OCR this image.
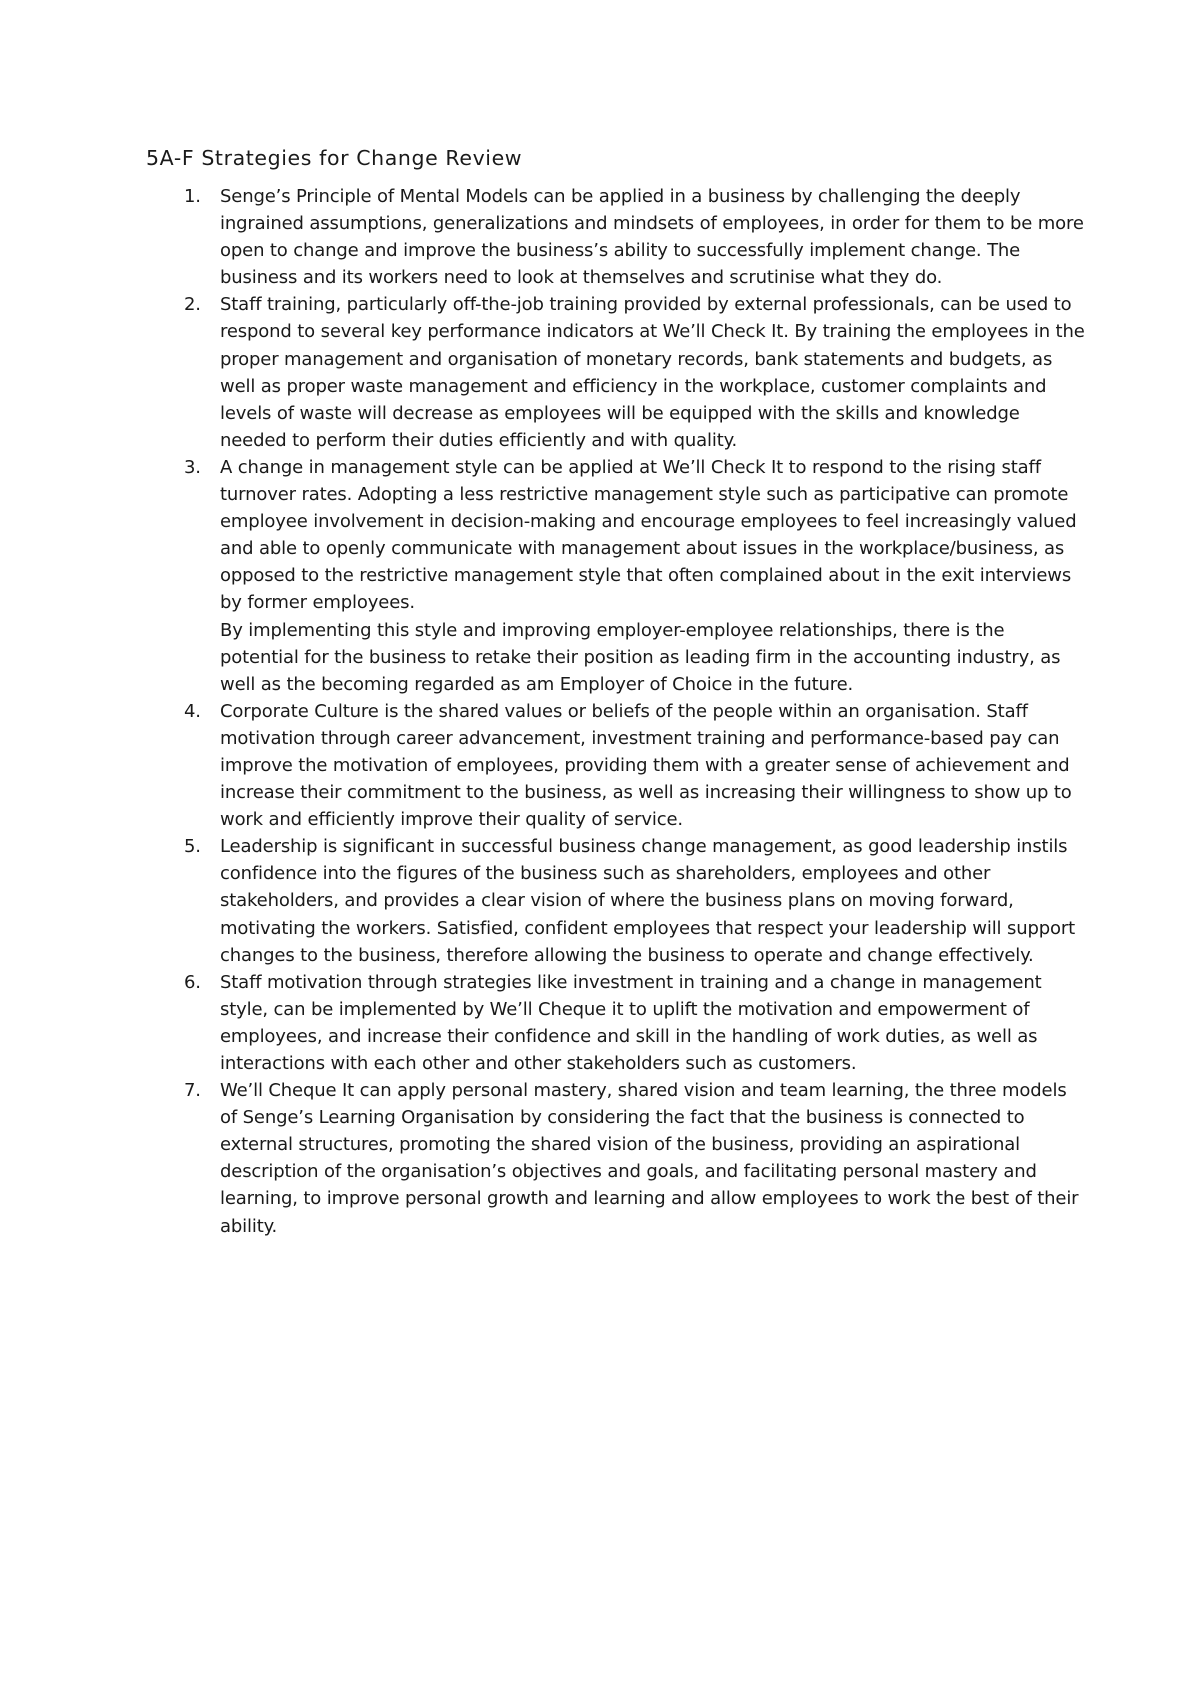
5A-F Strategies for Change Review
1.	Senge’s Principle of Mental Models can be applied in a business by challenging the deeply ingrained assumptions, generalizations and mindsets of employees, in order for them to be more open to change and improve the business’s ability to successfully implement change. The business and its workers need to look at themselves and scrutinise what they do.

2.	Staff training, particularly off-the-job training provided by external professionals, can be used to respond to several key performance indicators at We’ll Check It. By training the employees in the proper management and organisation of monetary records, bank statements and budgets, as well as proper waste management and efficiency in the workplace, customer complaints and levels of waste will decrease as employees will be equipped with the skills and knowledge needed to perform their duties efficiently and with quality.

3.	A change in management style can be applied at We’ll Check It to respond to the rising staff turnover rates. Adopting a less restrictive management style such as participative can promote employee involvement in decision-making and encourage employees to feel increasingly valued and able to openly communicate with management about issues in the workplace/business, as opposed to the restrictive management style that often complained about in the exit interviews by former employees.

By implementing this style and improving employer-employee relationships, there is the potential for the business to retake their position as leading firm in the accounting industry, as well as the becoming regarded as am Employer of Choice in the future.

4.	Corporate Culture is the shared values or beliefs of the people within an organisation. Staff motivation through career advancement, investment training and performance-based pay can improve the motivation of employees, providing them with a greater sense of achievement and increase their commitment to the business, as well as increasing their willingness to show up to work and efficiently improve their quality of service.

5.	Leadership is significant in successful business change management, as good leadership instils confidence into the figures of the business such as shareholders, employees and other stakeholders, and provides a clear vision of where the business plans on moving forward, motivating the workers. Satisfied, confident employees that respect your leadership will support changes to the business, therefore allowing the business to operate and change effectively.

6.	Staff motivation through strategies like investment in training and a change in management style, can be implemented by We’ll Cheque it to uplift the motivation and empowerment of employees, and increase their confidence and skill in the handling of work duties, as well as interactions with each other and other stakeholders such as customers.

7.	We’ll Cheque It can apply personal mastery, shared vision and team learning, the three models of Senge’s Learning Organisation by considering the fact that the business is connected to external structures, promoting the shared vision of the business, providing an aspirational description of the organisation’s objectives and goals, and facilitating personal mastery and learning, to improve personal growth and learning and allow employees to work the best of their ability.
